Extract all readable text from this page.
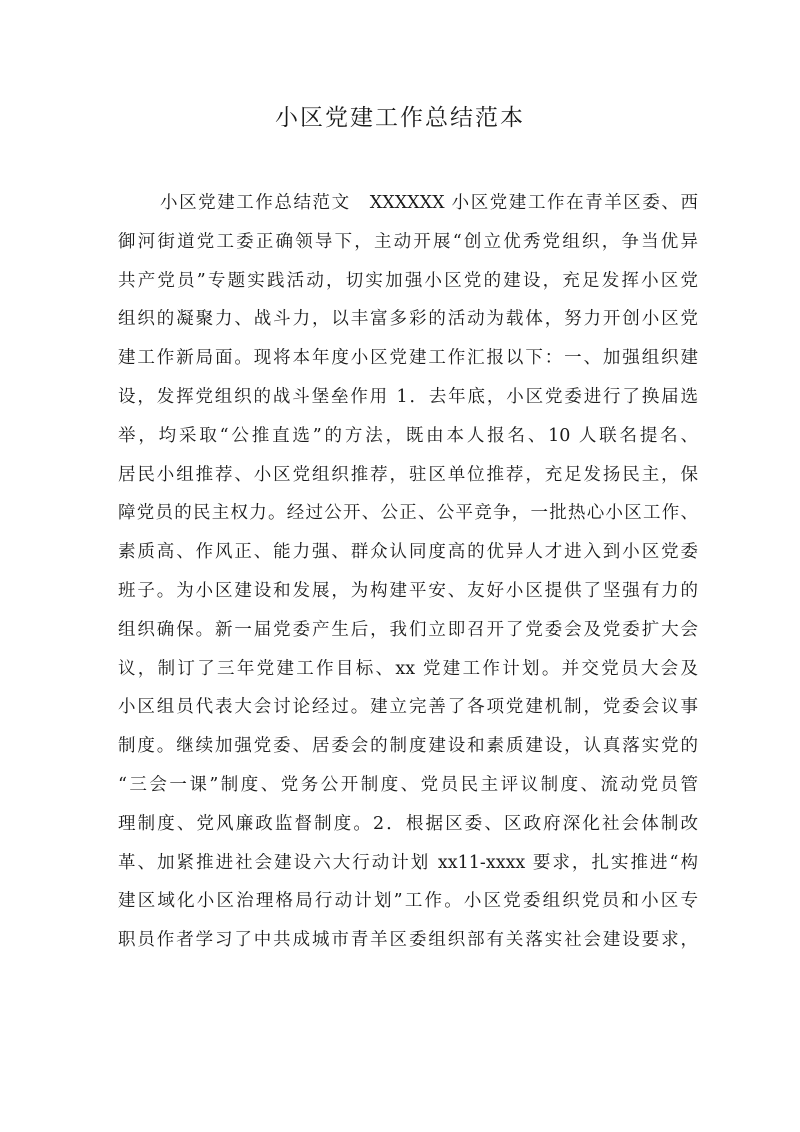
小区党建工作总结范本
小区党建工作总结范文　XXXXXX 小区党建工作在青羊区委、西
御河街道党工委正确领导下，主动开展“创立优秀党组织，争当优异
共产党员”专题实践活动，切实加强小区党的建设，充足发挥小区党
组织的凝聚力、战斗力，以丰富多彩的活动为载体，努力开创小区党
建工作新局面。现将本年度小区党建工作汇报以下：一、加强组织建
设，发挥党组织的战斗堡垒作用 1．去年底，小区党委进行了换届选
举，均采取“公推直选”的方法，既由本人报名、10 人联名提名、
居民小组推荐、小区党组织推荐，驻区单位推荐，充足发扬民主，保
障党员的民主权力。经过公开、公正、公平竞争，一批热心小区工作、
素质高、作风正、能力强、群众认同度高的优异人才进入到小区党委
班子。为小区建设和发展，为构建平安、友好小区提供了坚强有力的
组织确保。新一届党委产生后，我们立即召开了党委会及党委扩大会
议，制订了三年党建工作目标、xx 党建工作计划。并交党员大会及
小区组员代表大会讨论经过。建立完善了各项党建机制，党委会议事
制度。继续加强党委、居委会的制度建设和素质建设，认真落实党的
“三会一课”制度、党务公开制度、党员民主评议制度、流动党员管
理制度、党风廉政监督制度。2．根据区委、区政府深化社会体制改
革、加紧推进社会建设六大行动计划 xx11-xxxx 要求，扎实推进“构
建区域化小区治理格局行动计划”工作。小区党委组织党员和小区专
职员作者学习了中共成城市青羊区委组织部有关落实社会建设要求，
